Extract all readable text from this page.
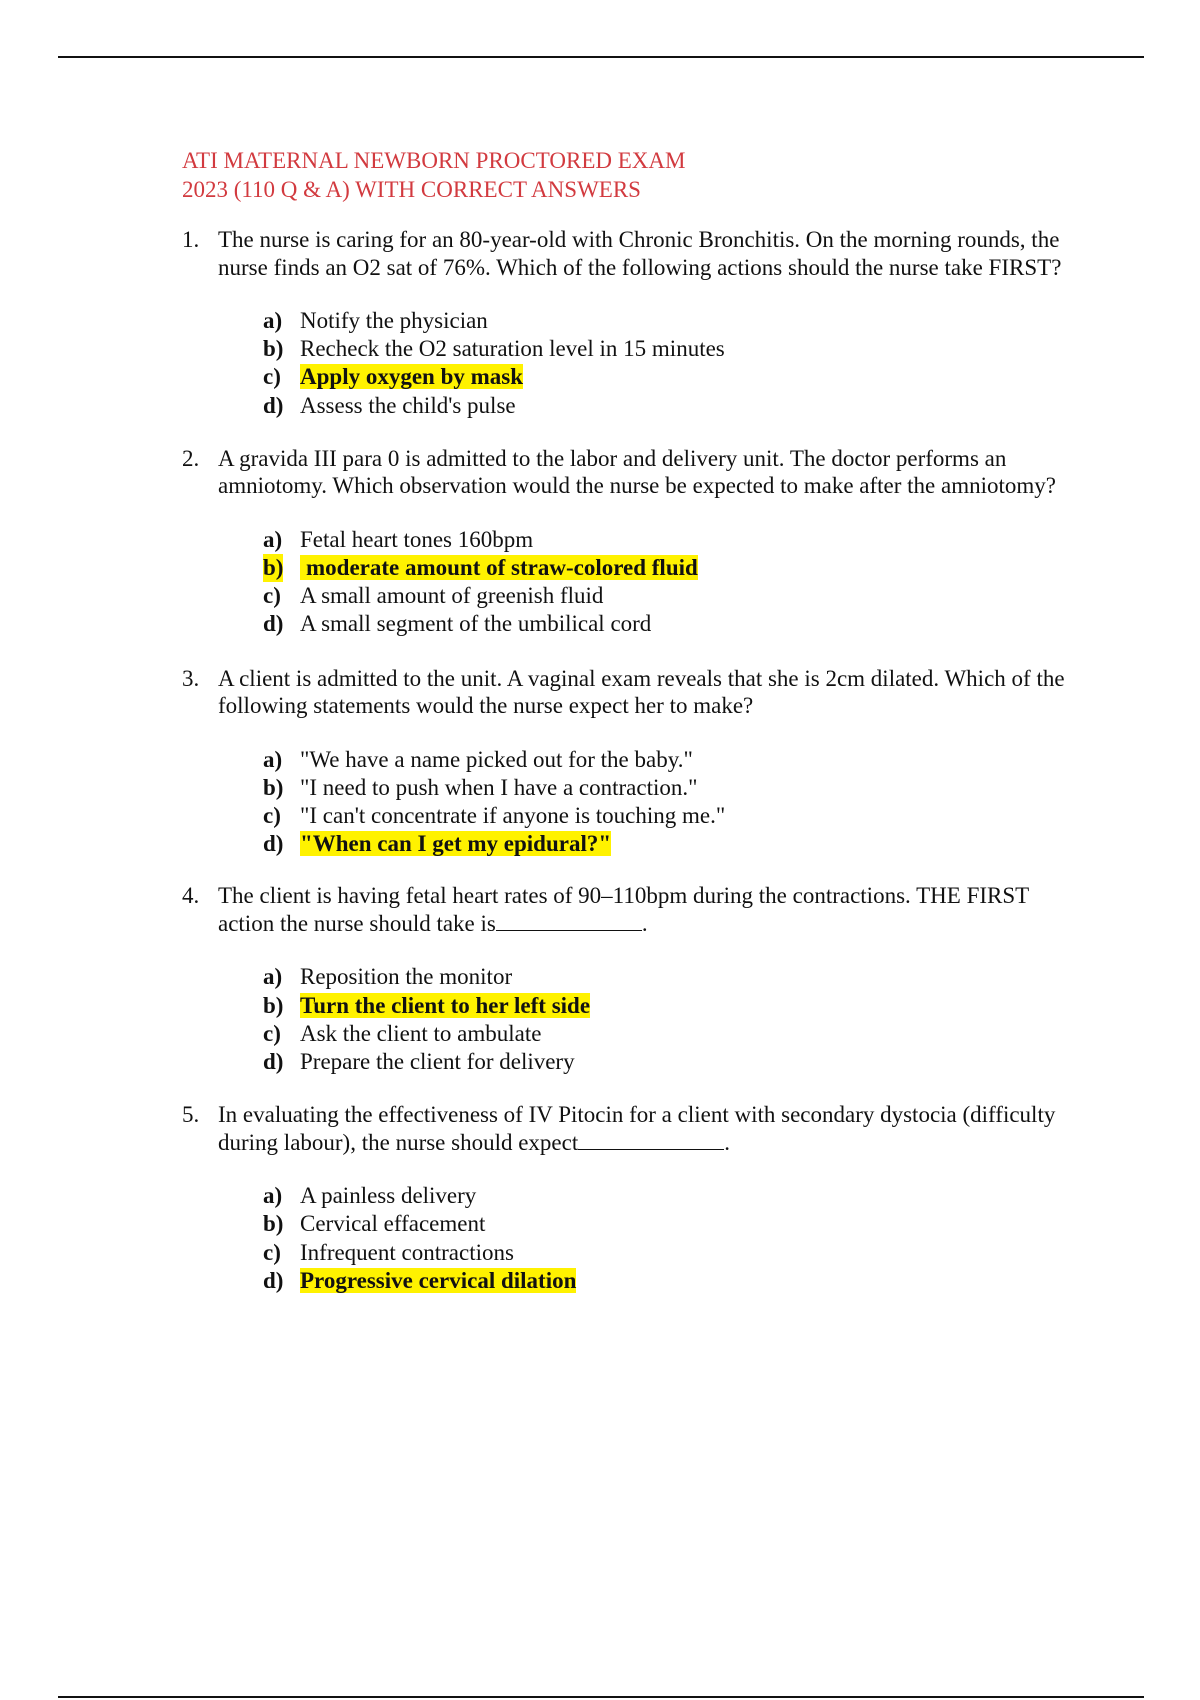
ATI MATERNAL NEWBORN PROCTORED EXAM
2023 (110 Q & A) WITH CORRECT ANSWERS
1. The nurse is caring for an 80-year-old with Chronic Bronchitis. On the morning rounds, the nurse finds an O2 sat of 76%. Which of the following actions should the nurse take FIRST?
a) Notify the physician
b) Recheck the O2 saturation level in 15 minutes
c) Apply oxygen by mask
d) Assess the child's pulse
2. A gravida III para 0 is admitted to the labor and delivery unit. The doctor performs an amniotomy. Which observation would the nurse be expected to make after the amniotomy?
a) Fetal heart tones 160bpm
b) moderate amount of straw-colored fluid
c) A small amount of greenish fluid
d) A small segment of the umbilical cord
3. A client is admitted to the unit. A vaginal exam reveals that she is 2cm dilated. Which of the following statements would the nurse expect her to make?
a) "We have a name picked out for the baby."
b) "I need to push when I have a contraction."
c) "I can't concentrate if anyone is touching me."
d) "When can I get my epidural?"
4. The client is having fetal heart rates of 90–110bpm during the contractions. THE FIRST action the nurse should take is	.
a) Reposition the monitor
b) Turn the client to her left side
c) Ask the client to ambulate
d) Prepare the client for delivery
5. In evaluating the effectiveness of IV Pitocin for a client with secondary dystocia (difficulty during labour), the nurse should expect	.
a) A painless delivery
b) Cervical effacement
c) Infrequent contractions
d) Progressive cervical dilation
